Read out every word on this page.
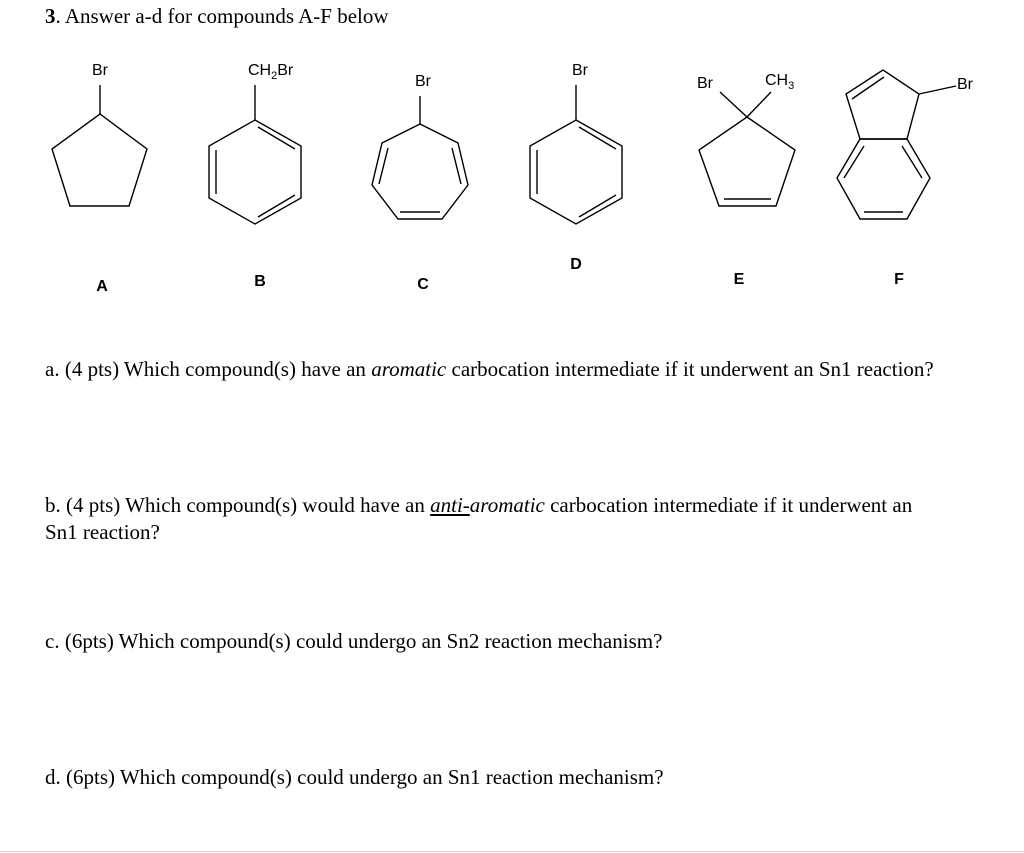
3. Answer a-d for compounds A-F below
Br
A
$CH_2Br$
B
Br
C
Br
D
Br	$CH_3$
E
Br
F
a. (4 pts) Which compound(s) have an aromatic carbocation intermediate if it underwent an Sn1 reaction?
b. (4 pts) Which compound(s) would have an anti-aromatic carbocation intermediate if it underwent an Sn1 reaction?
c. (6pts) Which compound(s) could undergo an Sn2 reaction mechanism?
d. (6pts) Which compound(s) could undergo an Sn1 reaction mechanism?
